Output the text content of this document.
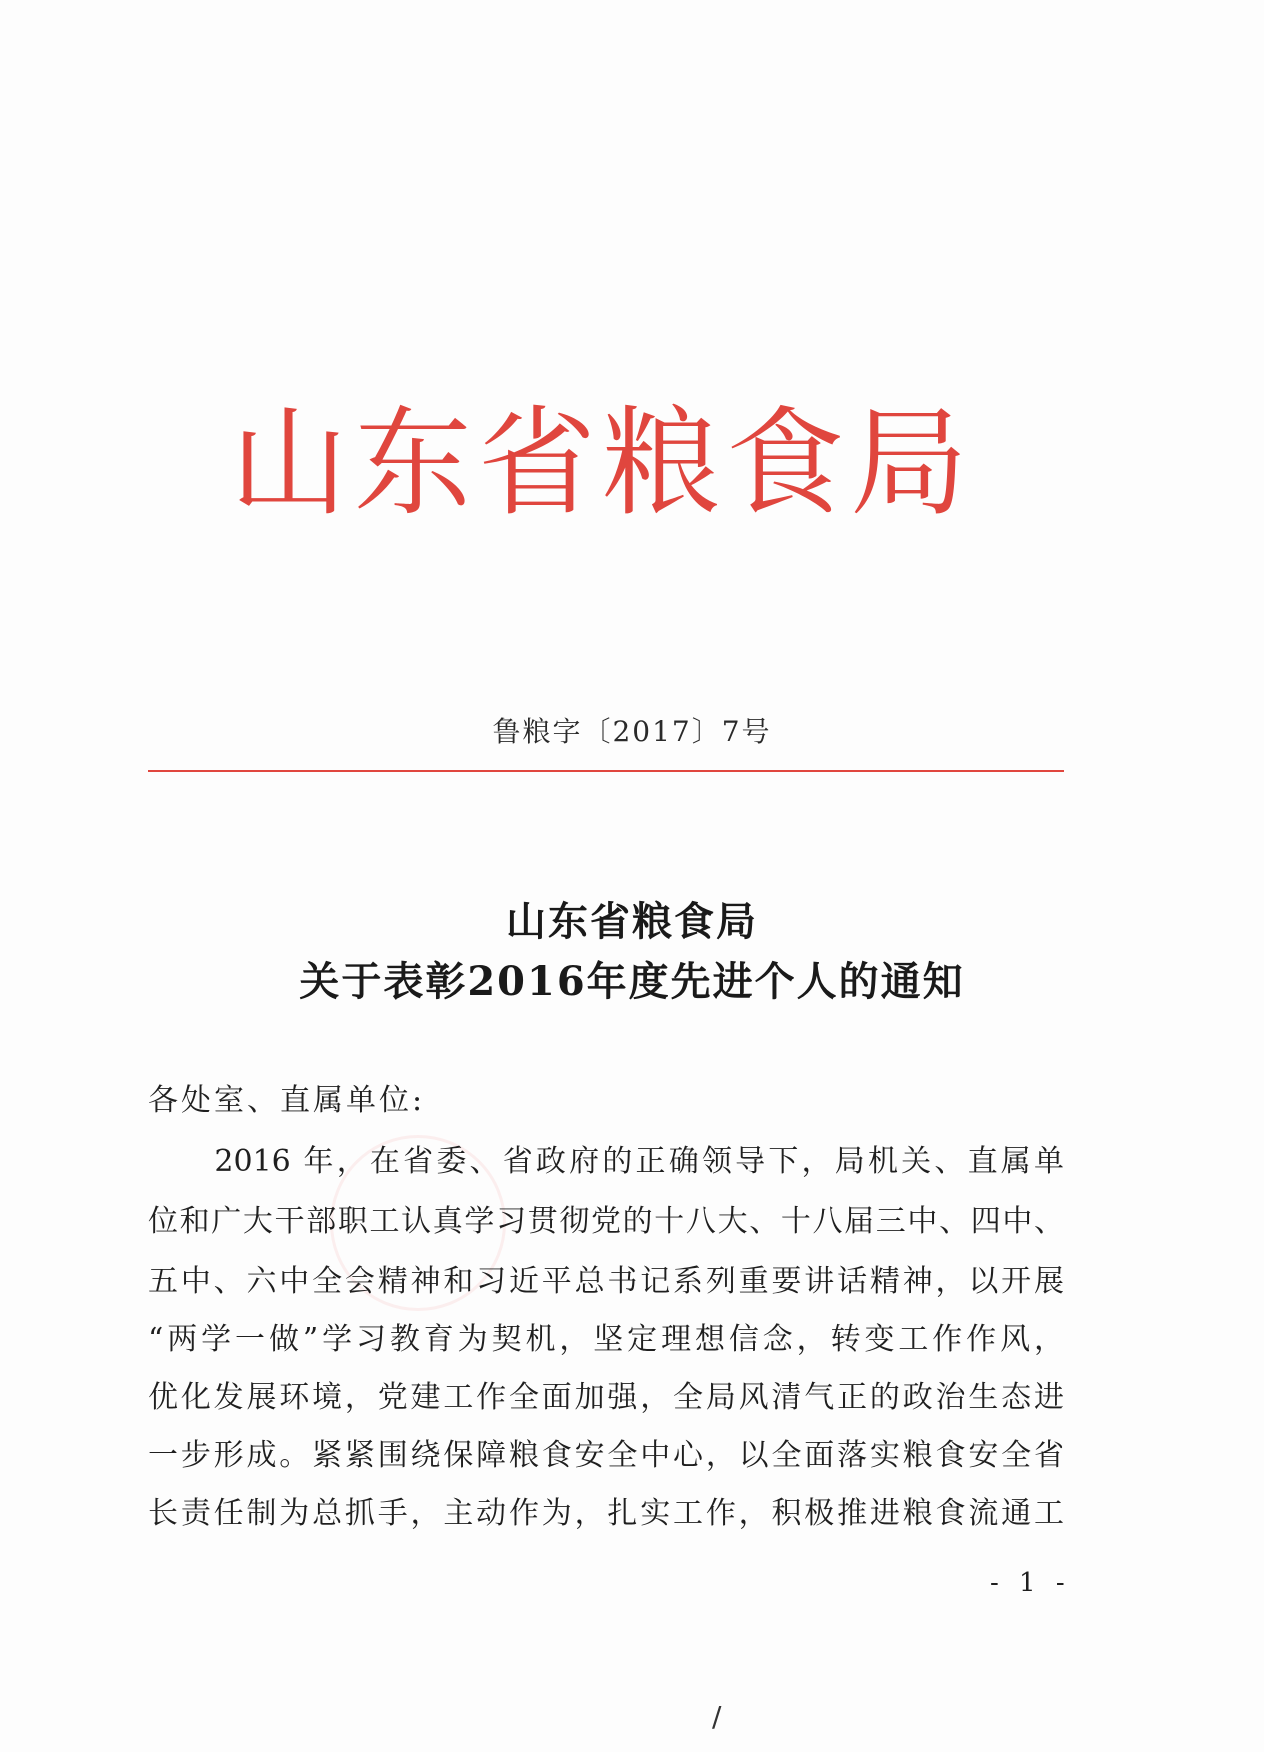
山东省粮食局
鲁粮字〔2017〕7号
山东省粮食局
关于表彰2016年度先进个人的通知
各处室、直属单位:
　　2016 年，在省委、省政府的正确领导下，局机关、直属单
位和广大干部职工认真学习贯彻党的十八大、十八届三中、四中、
五中、六中全会精神和习近平总书记系列重要讲话精神，以开展
“两学一做”学习教育为契机，坚定理想信念，转变工作作风，
优化发展环境，党建工作全面加强，全局风清气正的政治生态进
一步形成。紧紧围绕保障粮食安全中心，以全面落实粮食安全省
长责任制为总抓手，主动作为，扎实工作，积极推进粮食流通工
- 1 -
/
